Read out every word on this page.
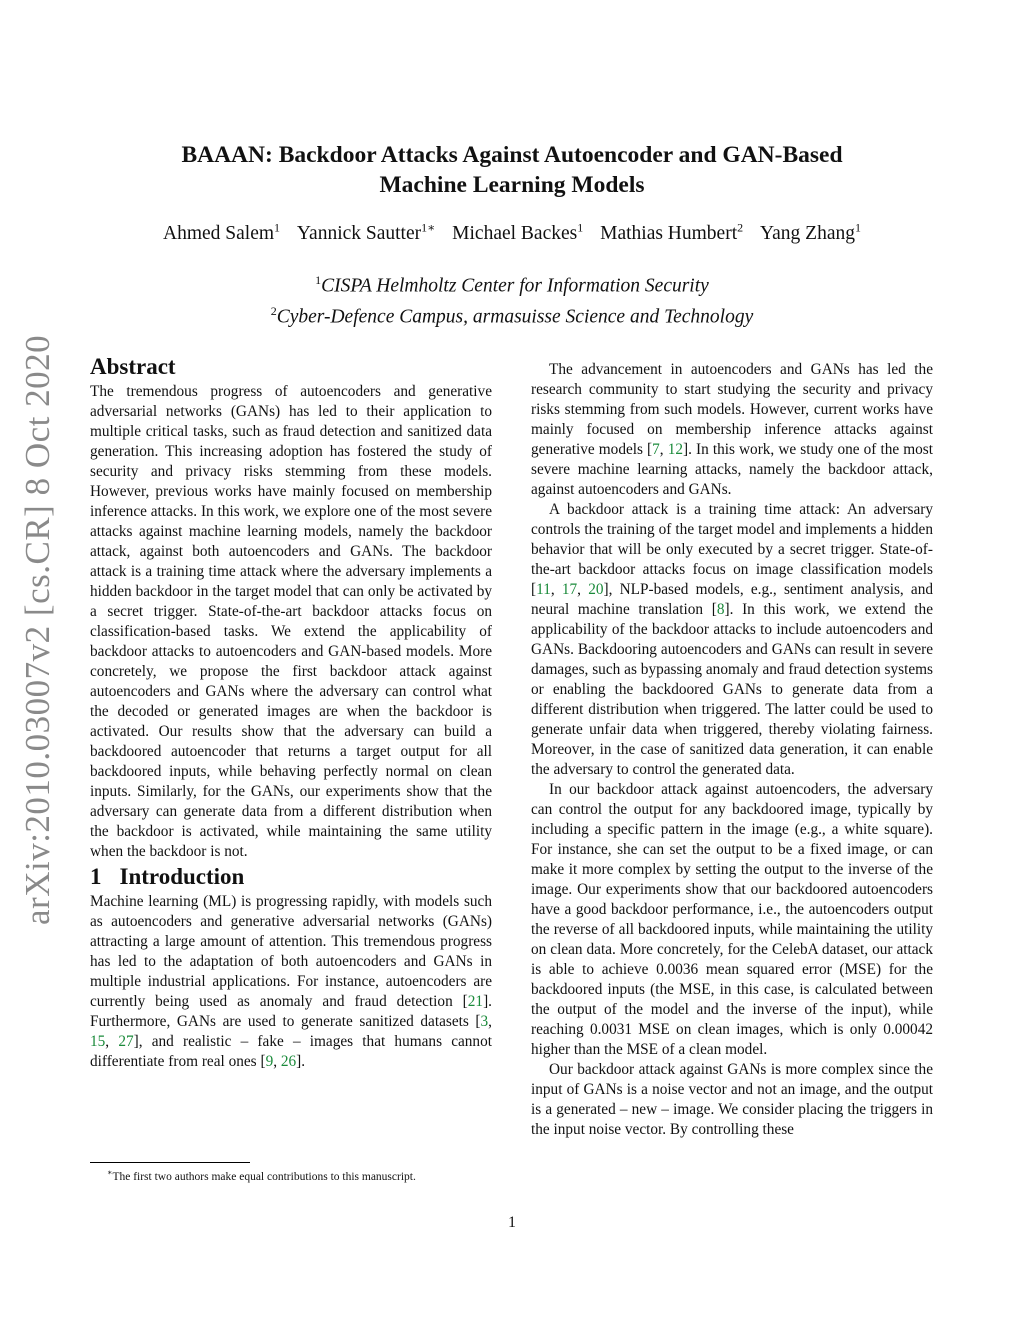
arXiv:2010.03007v2 [cs.CR] 8 Oct 2020
BAAAN: Backdoor Attacks Against Autoencoder and GAN-Based
Machine Learning Models
Ahmed Salem$^1$ Yannick Sautter$^{1∗}$ Michael Backes$^1$ Mathias Humbert$^2$ Yang Zhang$^1$
$^1$CISPA Helmholtz Center for Information Security
$^2$Cyber-Defence Campus, armasuisse Science and Technology
Abstract

The tremendous progress of autoencoders and generative adversarial networks (GANs) has led to their application to multiple critical tasks, such as fraud detection and sanitized data generation. This increasing adoption has fostered the study of security and privacy risks stemming from these models. However, previous works have mainly focused on membership inference attacks. In this work, we explore one of the most severe attacks against machine learning models, namely the backdoor attack, against both autoencoders and GANs. The backdoor attack is a training time attack where the adversary implements a hidden backdoor in the target model that can only be activated by a secret trigger. State-of-the-art backdoor attacks focus on classification-based tasks. We extend the applicability of backdoor attacks to autoencoders and GAN-based models. More concretely, we propose the first backdoor attack against autoencoders and GANs where the adversary can control what the decoded or generated images are when the backdoor is activated. Our results show that the adversary can build a backdoored autoencoder that returns a target output for all backdoored inputs, while behaving perfectly normal on clean inputs. Similarly, for the GANs, our experiments show that the adversary can generate data from a different distribution when the backdoor is activated, while maintaining the same utility when the backdoor is not.

1 Introduction

Machine learning (ML) is progressing rapidly, with models such as autoencoders and generative adversarial networks (GANs) attracting a large amount of attention. This tremendous progress has led to the adaptation of both autoencoders and GANs in multiple industrial applications. For instance, autoencoders are currently being used as anomaly and fraud detection [21]. Furthermore, GANs are used to generate sanitized datasets [3, 15, 27], and realistic – fake – images that humans cannot differentiate from real ones [9, 26].

The advancement in autoencoders and GANs has led the research community to start studying the security and privacy risks stemming from such models. However, current works have mainly focused on membership inference attacks against generative models [7, 12]. In this work, we study one of the most severe machine learning attacks, namely the backdoor attack, against autoencoders and GANs.

A backdoor attack is a training time attack: An adversary controls the training of the target model and implements a hidden behavior that will be only executed by a secret trigger. State-of-the-art backdoor attacks focus on image classification models [11, 17, 20], NLP-based models, e.g., sentiment analysis, and neural machine translation [8]. In this work, we extend the applicability of the backdoor attacks to include autoencoders and GANs. Backdooring autoencoders and GANs can result in severe damages, such as bypassing anomaly and fraud detection systems or enabling the backdoored GANs to generate data from a different distribution when triggered. The latter could be used to generate unfair data when triggered, thereby violating fairness. Moreover, in the case of sanitized data generation, it can enable the adversary to control the generated data.

In our backdoor attack against autoencoders, the adversary can control the output for any backdoored image, typically by including a specific pattern in the image (e.g., a white square). For instance, she can set the output to be a fixed image, or can make it more complex by setting the output to the inverse of the image. Our experiments show that our backdoored autoencoders have a good backdoor performance, i.e., the autoencoders output the reverse of all backdoored inputs, while maintaining the utility on clean data. More concretely, for the CelebA dataset, our attack is able to achieve 0.0036 mean squared error (MSE) for the backdoored inputs (the MSE, in this case, is calculated between the output of the model and the inverse of the input), while reaching 0.0031 MSE on clean images, which is only 0.00042 higher than the MSE of a clean model.

Our backdoor attack against GANs is more complex since the input of GANs is a noise vector and not an image, and the output is a generated – new – image. We consider placing the triggers in the input noise vector. By controlling these

∗The first two authors make equal contributions to this manuscript.
1
